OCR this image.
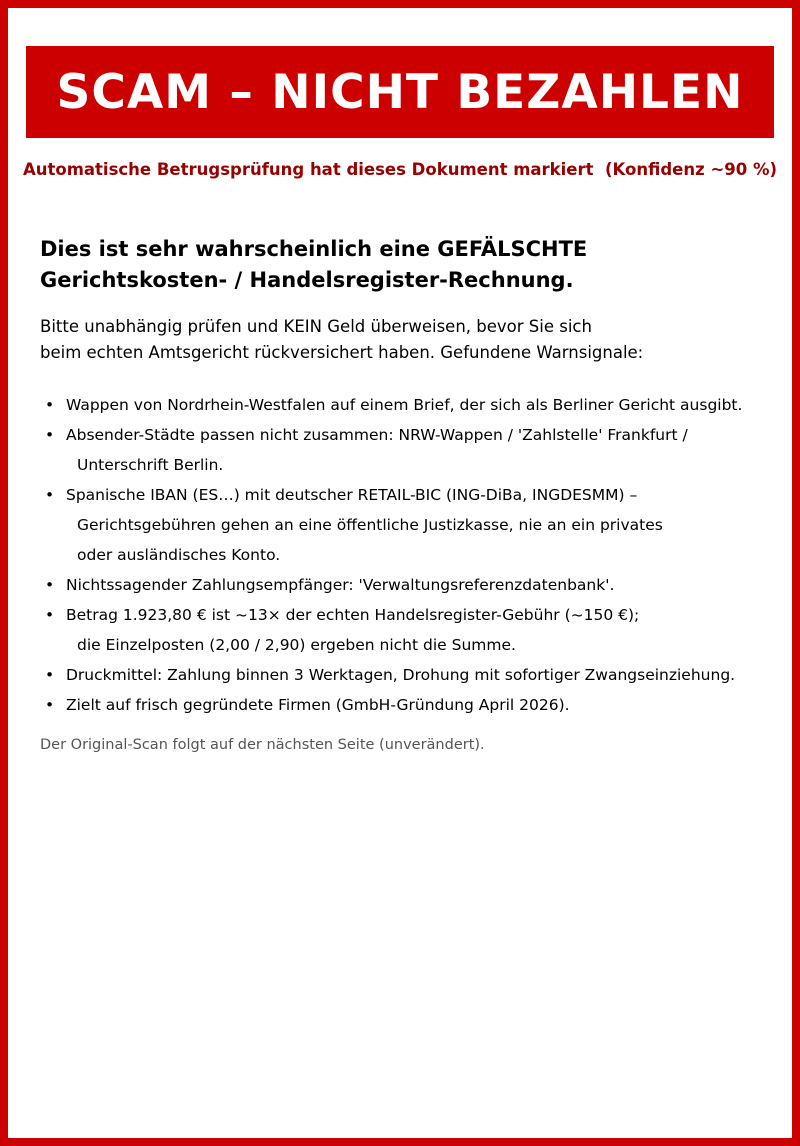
SCAM – NICHT BEZAHLEN
Automatische Betrugsprüfung hat dieses Dokument markiert  (Konfidenz ~90 %)
Dies ist sehr wahrscheinlich eine GEFÄLSCHTE
Gerichtskosten- / Handelsregister-Rechnung.

Bitte unabhängig prüfen und KEIN Geld überweisen, bevor Sie sich
beim echten Amtsgericht rückversichert haben. Gefundene Warnsignale:

• Wappen von Nordrhein-Westfalen auf einem Brief, der sich als Berliner Gericht ausgibt.
• Absender-Städte passen nicht zusammen: NRW-Wappen / 'Zahlstelle' Frankfurt /
Unterschrift Berlin.
• Spanische IBAN (ES…) mit deutscher RETAIL-BIC (ING-DiBa, INGDESMM) –
Gerichtsgebühren gehen an eine öffentliche Justizkasse, nie an ein privates
oder ausländisches Konto.
• Nichtssagender Zahlungsempfänger: 'Verwaltungsreferenzdatenbank'.
• Betrag 1.923,80 € ist ~13× der echten Handelsregister-Gebühr (~150 €);
die Einzelposten (2,00 / 2,90) ergeben nicht die Summe.
• Druckmittel: Zahlung binnen 3 Werktagen, Drohung mit sofortiger Zwangseinziehung.
• Zielt auf frisch gegründete Firmen (GmbH-Gründung April 2026).

Der Original-Scan folgt auf der nächsten Seite (unverändert).
